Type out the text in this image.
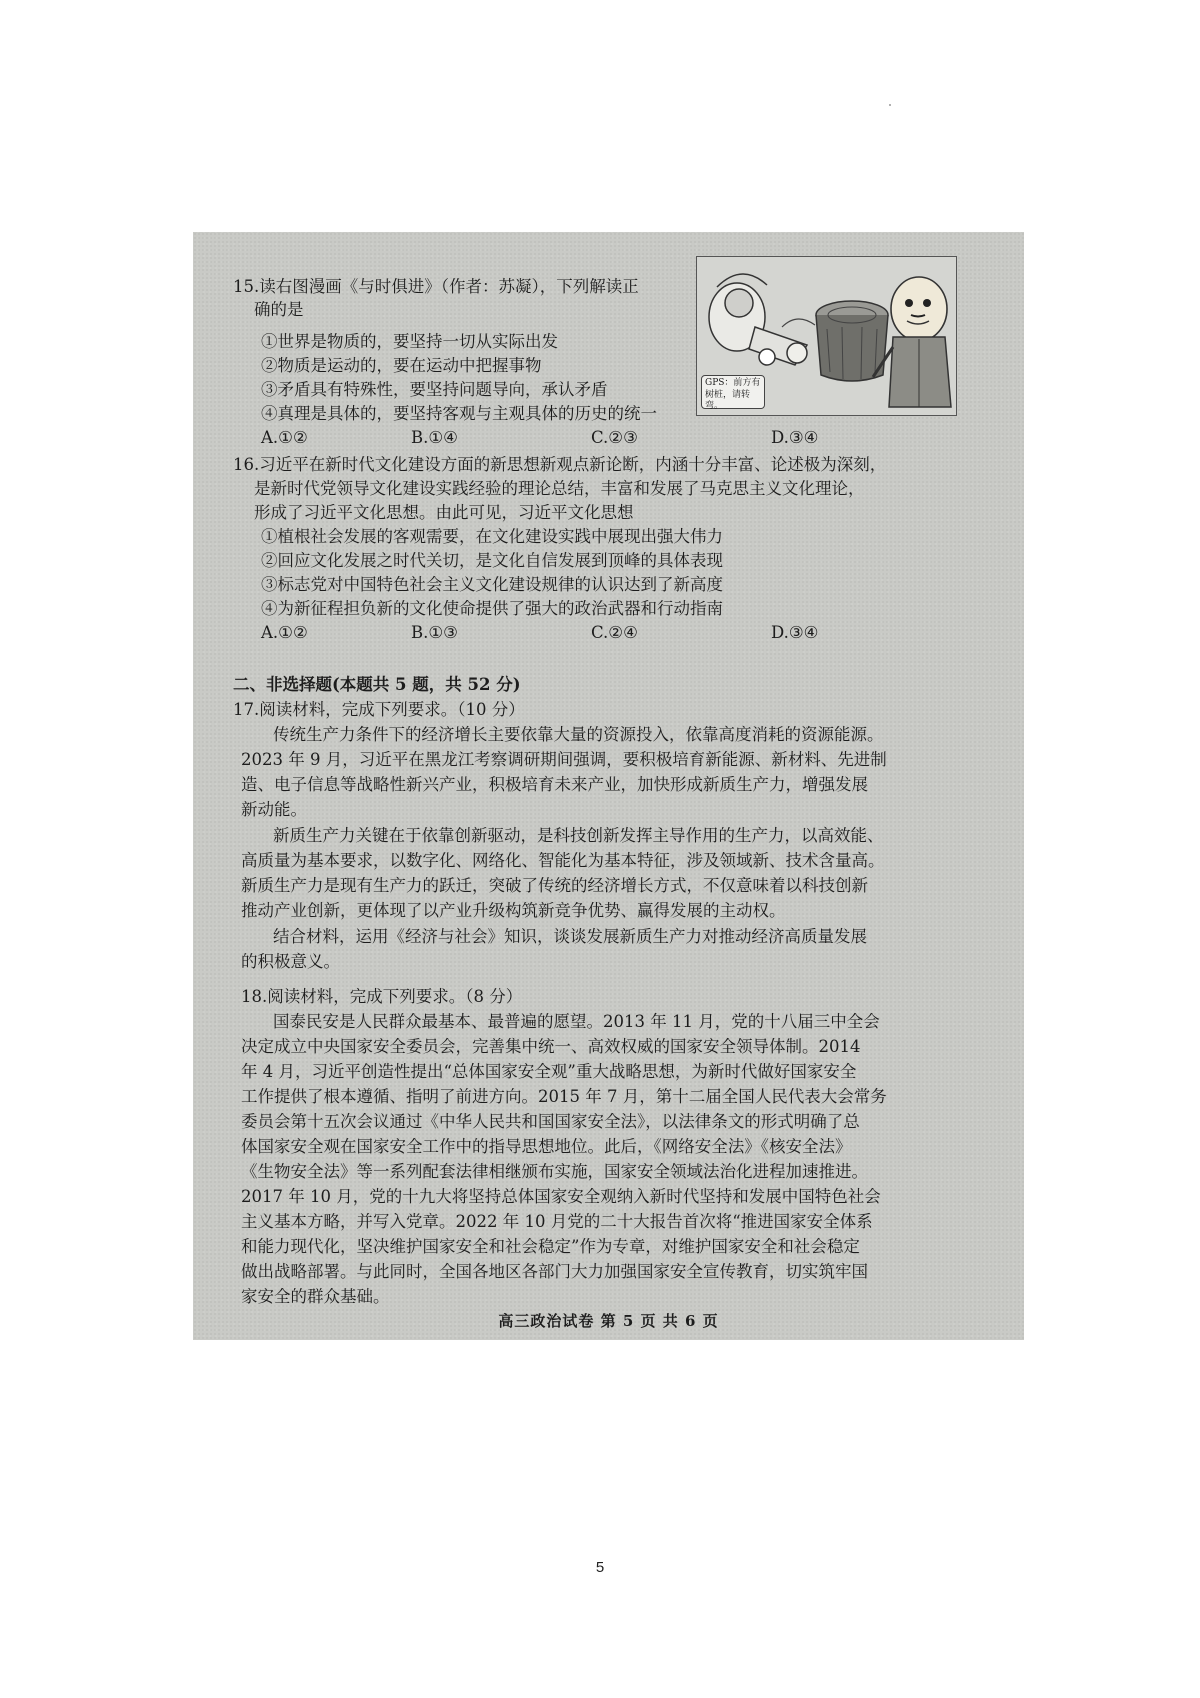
15.读右图漫画《与时俱进》（作者：苏凝），下列解读正
确的是
①世界是物质的，要坚持一切从实际出发
②物质是运动的，要在运动中把握事物
③矛盾具有特殊性，要坚持问题导向，承认矛盾
④真理是具体的，要坚持客观与主观具体的历史的统一
A.①②	B.①④	C.②③	D.③④
GPS：前方有树桩，请转弯。
16.习近平在新时代文化建设方面的新思想新观点新论断，内涵十分丰富、论述极为深刻，
是新时代党领导文化建设实践经验的理论总结，丰富和发展了马克思主义文化理论，
形成了习近平文化思想。由此可见，习近平文化思想
①植根社会发展的客观需要，在文化建设实践中展现出强大伟力
②回应文化发展之时代关切，是文化自信发展到顶峰的具体表现
③标志党对中国特色社会主义文化建设规律的认识达到了新高度
④为新征程担负新的文化使命提供了强大的政治武器和行动指南
A.①②	B.①③	C.②④	D.③④
二、非选择题(本题共 5 题，共 52 分)
17.阅读材料，完成下列要求。（10 分）
传统生产力条件下的经济增长主要依靠大量的资源投入，依靠高度消耗的资源能源。
2023 年 9 月，习近平在黑龙江考察调研期间强调，要积极培育新能源、新材料、先进制
造、电子信息等战略性新兴产业，积极培育未来产业，加快形成新质生产力，增强发展
新动能。
新质生产力关键在于依靠创新驱动，是科技创新发挥主导作用的生产力，以高效能、
高质量为基本要求，以数字化、网络化、智能化为基本特征，涉及领域新、技术含量高。
新质生产力是现有生产力的跃迁，突破了传统的经济增长方式，不仅意味着以科技创新
推动产业创新，更体现了以产业升级构筑新竞争优势、赢得发展的主动权。
结合材料，运用《经济与社会》知识，谈谈发展新质生产力对推动经济高质量发展
的积极意义。
18.阅读材料，完成下列要求。（8 分）
国泰民安是人民群众最基本、最普遍的愿望。2013 年 11 月，党的十八届三中全会
决定成立中央国家安全委员会，完善集中统一、高效权威的国家安全领导体制。2014
年 4 月，习近平创造性提出“总体国家安全观”重大战略思想，为新时代做好国家安全
工作提供了根本遵循、指明了前进方向。2015 年 7 月，第十二届全国人民代表大会常务
委员会第十五次会议通过《中华人民共和国国家安全法》，以法律条文的形式明确了总
体国家安全观在国家安全工作中的指导思想地位。此后，《网络安全法》《核安全法》
《生物安全法》等一系列配套法律相继颁布实施，国家安全领域法治化进程加速推进。
2017 年 10 月，党的十九大将坚持总体国家安全观纳入新时代坚持和发展中国特色社会
主义基本方略，并写入党章。2022 年 10 月党的二十大报告首次将“推进国家安全体系
和能力现代化，坚决维护国家安全和社会稳定”作为专章，对维护国家安全和社会稳定
做出战略部署。与此同时，全国各地区各部门大力加强国家安全宣传教育，切实筑牢国
家安全的群众基础。
高三政治试卷 第 5 页 共 6 页
5
